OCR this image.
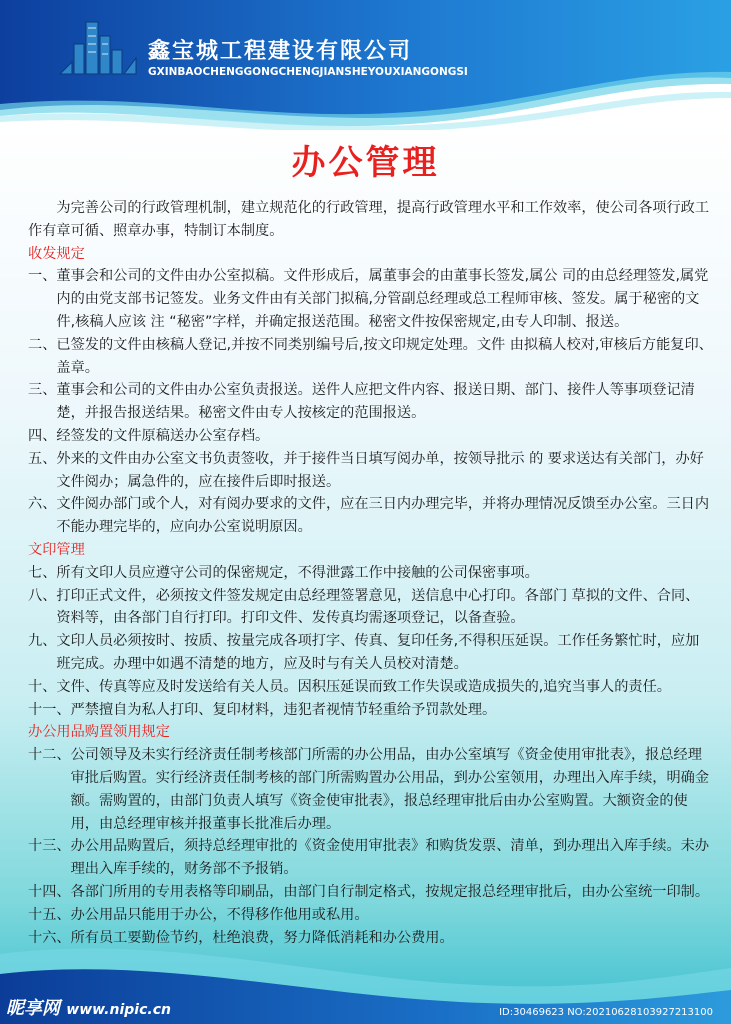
鑫宝城工程建设有限公司
GXINBAOCHENGGONGCHENGJIANSHEYOUXIANGONGSI
办公管理

为完善公司的行政管理机制，建立规范化的行政管理，提高行政管理水平和工作效率，使公司各项行政工作有章可循、照章办事，特制订本制度。

收发规定

一、 董事会和公司的文件由办公室拟稿。文件形成后，属董事会的由董事长签发,属公 司的由总经理签发,属党内的由党支部书记签发。业务文件由有关部门拟稿,分管副总经理或总工程师审核、签发。属于秘密的文件,核稿人应该 注 “秘密”字样，并确定报送范围。秘密文件按保密规定,由专人印制、报送。
二、 已签发的文件由核稿人登记,并按不同类别编号后,按文印规定处理。文件 由拟稿人校对,审核后方能复印、盖章。
三、 董事会和公司的文件由办公室负责报送。送件人应把文件内容、报送日期、部门、接件人等事项登记清楚，并报告报送结果。秘密文件由专人按核定的范围报送。
四、 经签发的文件原稿送办公室存档。
五、 外来的文件由办公室文书负责签收，并于接件当日填写阅办单，按领导批示 的 要求送达有关部门，办好文件阅办；属急件的，应在接件后即时报送。
六、 文件阅办部门或个人，对有阅办要求的文件，应在三日内办理完毕，并将办理情况反馈至办公室。三日内不能办理完毕的，应向办公室说明原因。

文印管理

七、 所有文印人员应遵守公司的保密规定，不得泄露工作中接触的公司保密事项。
八、 打印正式文件，必须按文件签发规定由总经理签署意见，送信息中心打印。各部门 草拟的文件、合同、资料等，由各部门自行打印。打印文件、发传真均需逐项登记，以备查验。
九、 文印人员必须按时、按质、按量完成各项打字、传真、复印任务,不得积压延误。工作任务繁忙时，应加班完成。办理中如遇不清楚的地方，应及时与有关人员校对清楚。
十、 文件、传真等应及时发送给有关人员。因积压延误而致工作失误或造成损失的,追究当事人的责任。
十一、 严禁擅自为私人打印、复印材料，违犯者视情节轻重给予罚款处理。

办公用品购置领用规定

十二、 公司领导及未实行经济责任制考核部门所需的办公用品，由办公室填写《资金使用审批表》，报总经理审批后购置。实行经济责任制考核的部门所需购置办公用品，到办公室领用，办理出入库手续，明确金额。需购置的，由部门负责人填写《资金使审批表》，报总经理审批后由办公室购置。大额资金的使用，由总经理审核并报董事长批准后办理。
十三、 办公用品购置后，须持总经理审批的《资金使用审批表》和购货发票、清单，到办理出入库手续。未办理出入库手续的，财务部不予报销。
十四、 各部门所用的专用表格等印刷品，由部门自行制定格式，按规定报总经理审批后，由办公室统一印制。
十五、 办公用品只能用于办公，不得移作他用或私用。
十六、 所有员工要勤俭节约，杜绝浪费，努力降低消耗和办公费用。
昵享网 www.nipic.cn	ID:30469623 NO:20210628103927213100
